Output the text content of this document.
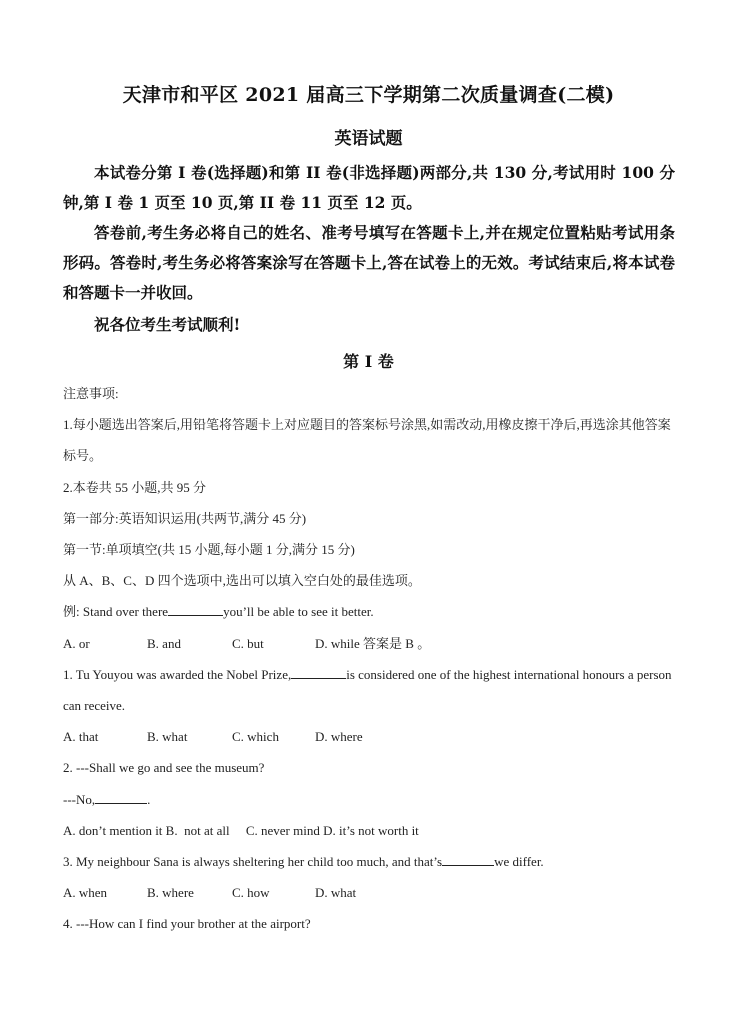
天津市和平区 2021 届高三下学期第二次质量调查(二模)
英语试题

本试卷分第 I 卷(选择题)和第 II 卷(非选择题)两部分,共 130 分,考试用时 100 分钟,第 I 卷 1 页至 10 页,第 II 卷 11 页至 12 页。

答卷前,考生务必将自己的姓名、准考号填写在答题卡上,并在规定位置粘贴考试用条形码。答卷时,考生务必将答案涂写在答题卡上,答在试卷上的无效。考试结束后,将本试卷和答题卡一并收回。

祝各位考生考试顺利!

第 I 卷
注意事项:
1.每小题选出答案后,用铅笔将答题卡上对应题目的答案标号涂黑,如需改动,用橡皮擦干净后,再选涂其他答案标号。
2.本卷共 55 小题,共 95 分
第一部分:英语知识运用(共两节,满分 45 分)
第一节:单项填空(共 15 小题,每小题 1 分,满分 15 分)
从 A、B、C、D 四个选项中,选出可以填入空白处的最佳选项。
例: Stand over there	you’ll be able to see it better.
A. or	B. and	C. but	D. while 答案是 B 。
1. Tu Youyou was awarded the Nobel Prize,	is considered one of the highest international honours a person can receive.
A. that	B. what	C. which	D. where
2. ---Shall we go and see the museum?
---No,	.
A. don’t mention it B.  not at all     C. never mind D. it’s not worth it
3. My neighbour Sana is always sheltering her child too much, and that’s	we differ.
A. when	B. where	C. how	D. what
4. ---How can I find your brother at the airport?
